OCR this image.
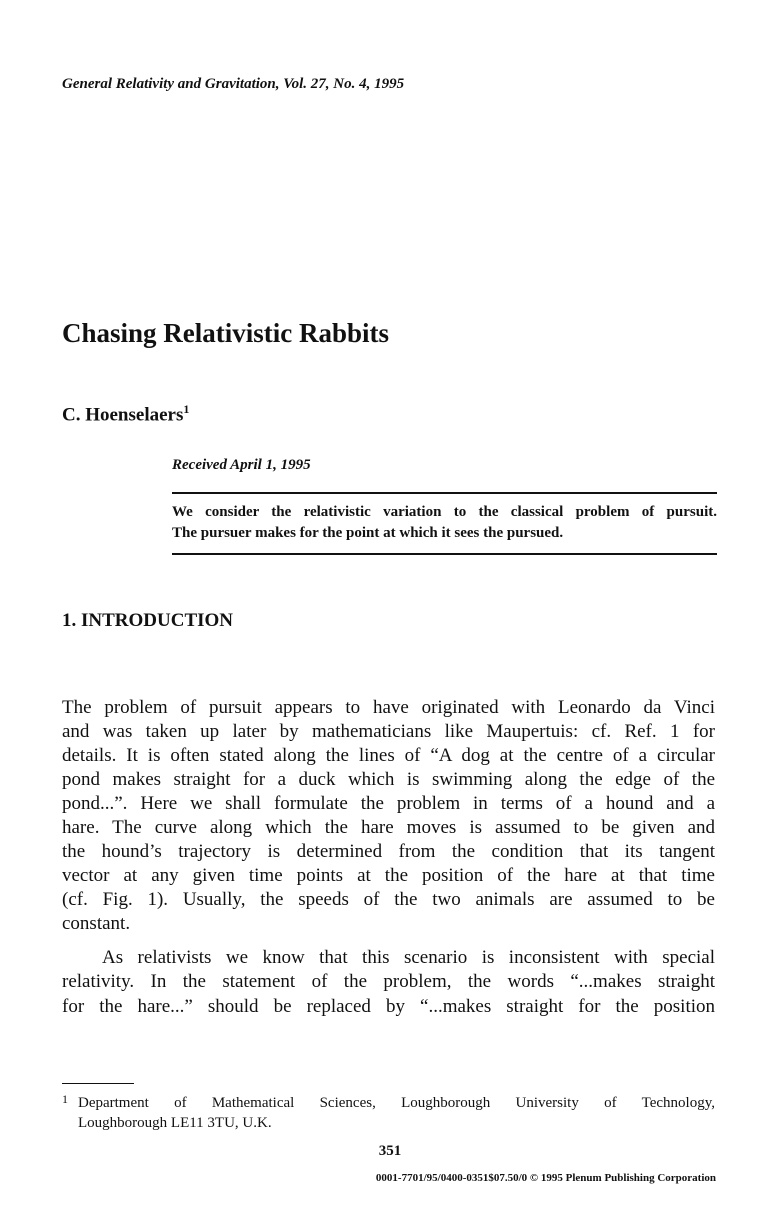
General Relativity and Gravitation, Vol. 27, No. 4, 1995
Chasing Relativistic Rabbits
C. Hoenselaers$^1$
Received April 1, 1995
We consider the relativistic variation to the classical problem of pursuit.
The pursuer makes for the point at which it sees the pursued.
1. INTRODUCTION
The problem of pursuit appears to have originated with Leonardo da Vinci
and was taken up later by mathematicians like Maupertuis: cf. Ref. 1 for
details. It is often stated along the lines of “A dog at the centre of a circular
pond makes straight for a duck which is swimming along the edge of the
pond...”. Here we shall formulate the problem in terms of a hound and a
hare. The curve along which the hare moves is assumed to be given and
the hound’s trajectory is determined from the condition that its tangent
vector at any given time points at the position of the hare at that time
(cf. Fig. 1). Usually, the speeds of the two animals are assumed to be
constant.
As relativists we know that this scenario is inconsistent with special
relativity. In the statement of the problem, the words “...makes straight
for the hare...” should be replaced by “...makes straight for the position
1 Department of Mathematical Sciences, Loughborough University of Technology,
Loughborough LE11 3TU, U.K.
351
0001-7701/95/0400-0351$07.50/0 © 1995 Plenum Publishing Corporation
